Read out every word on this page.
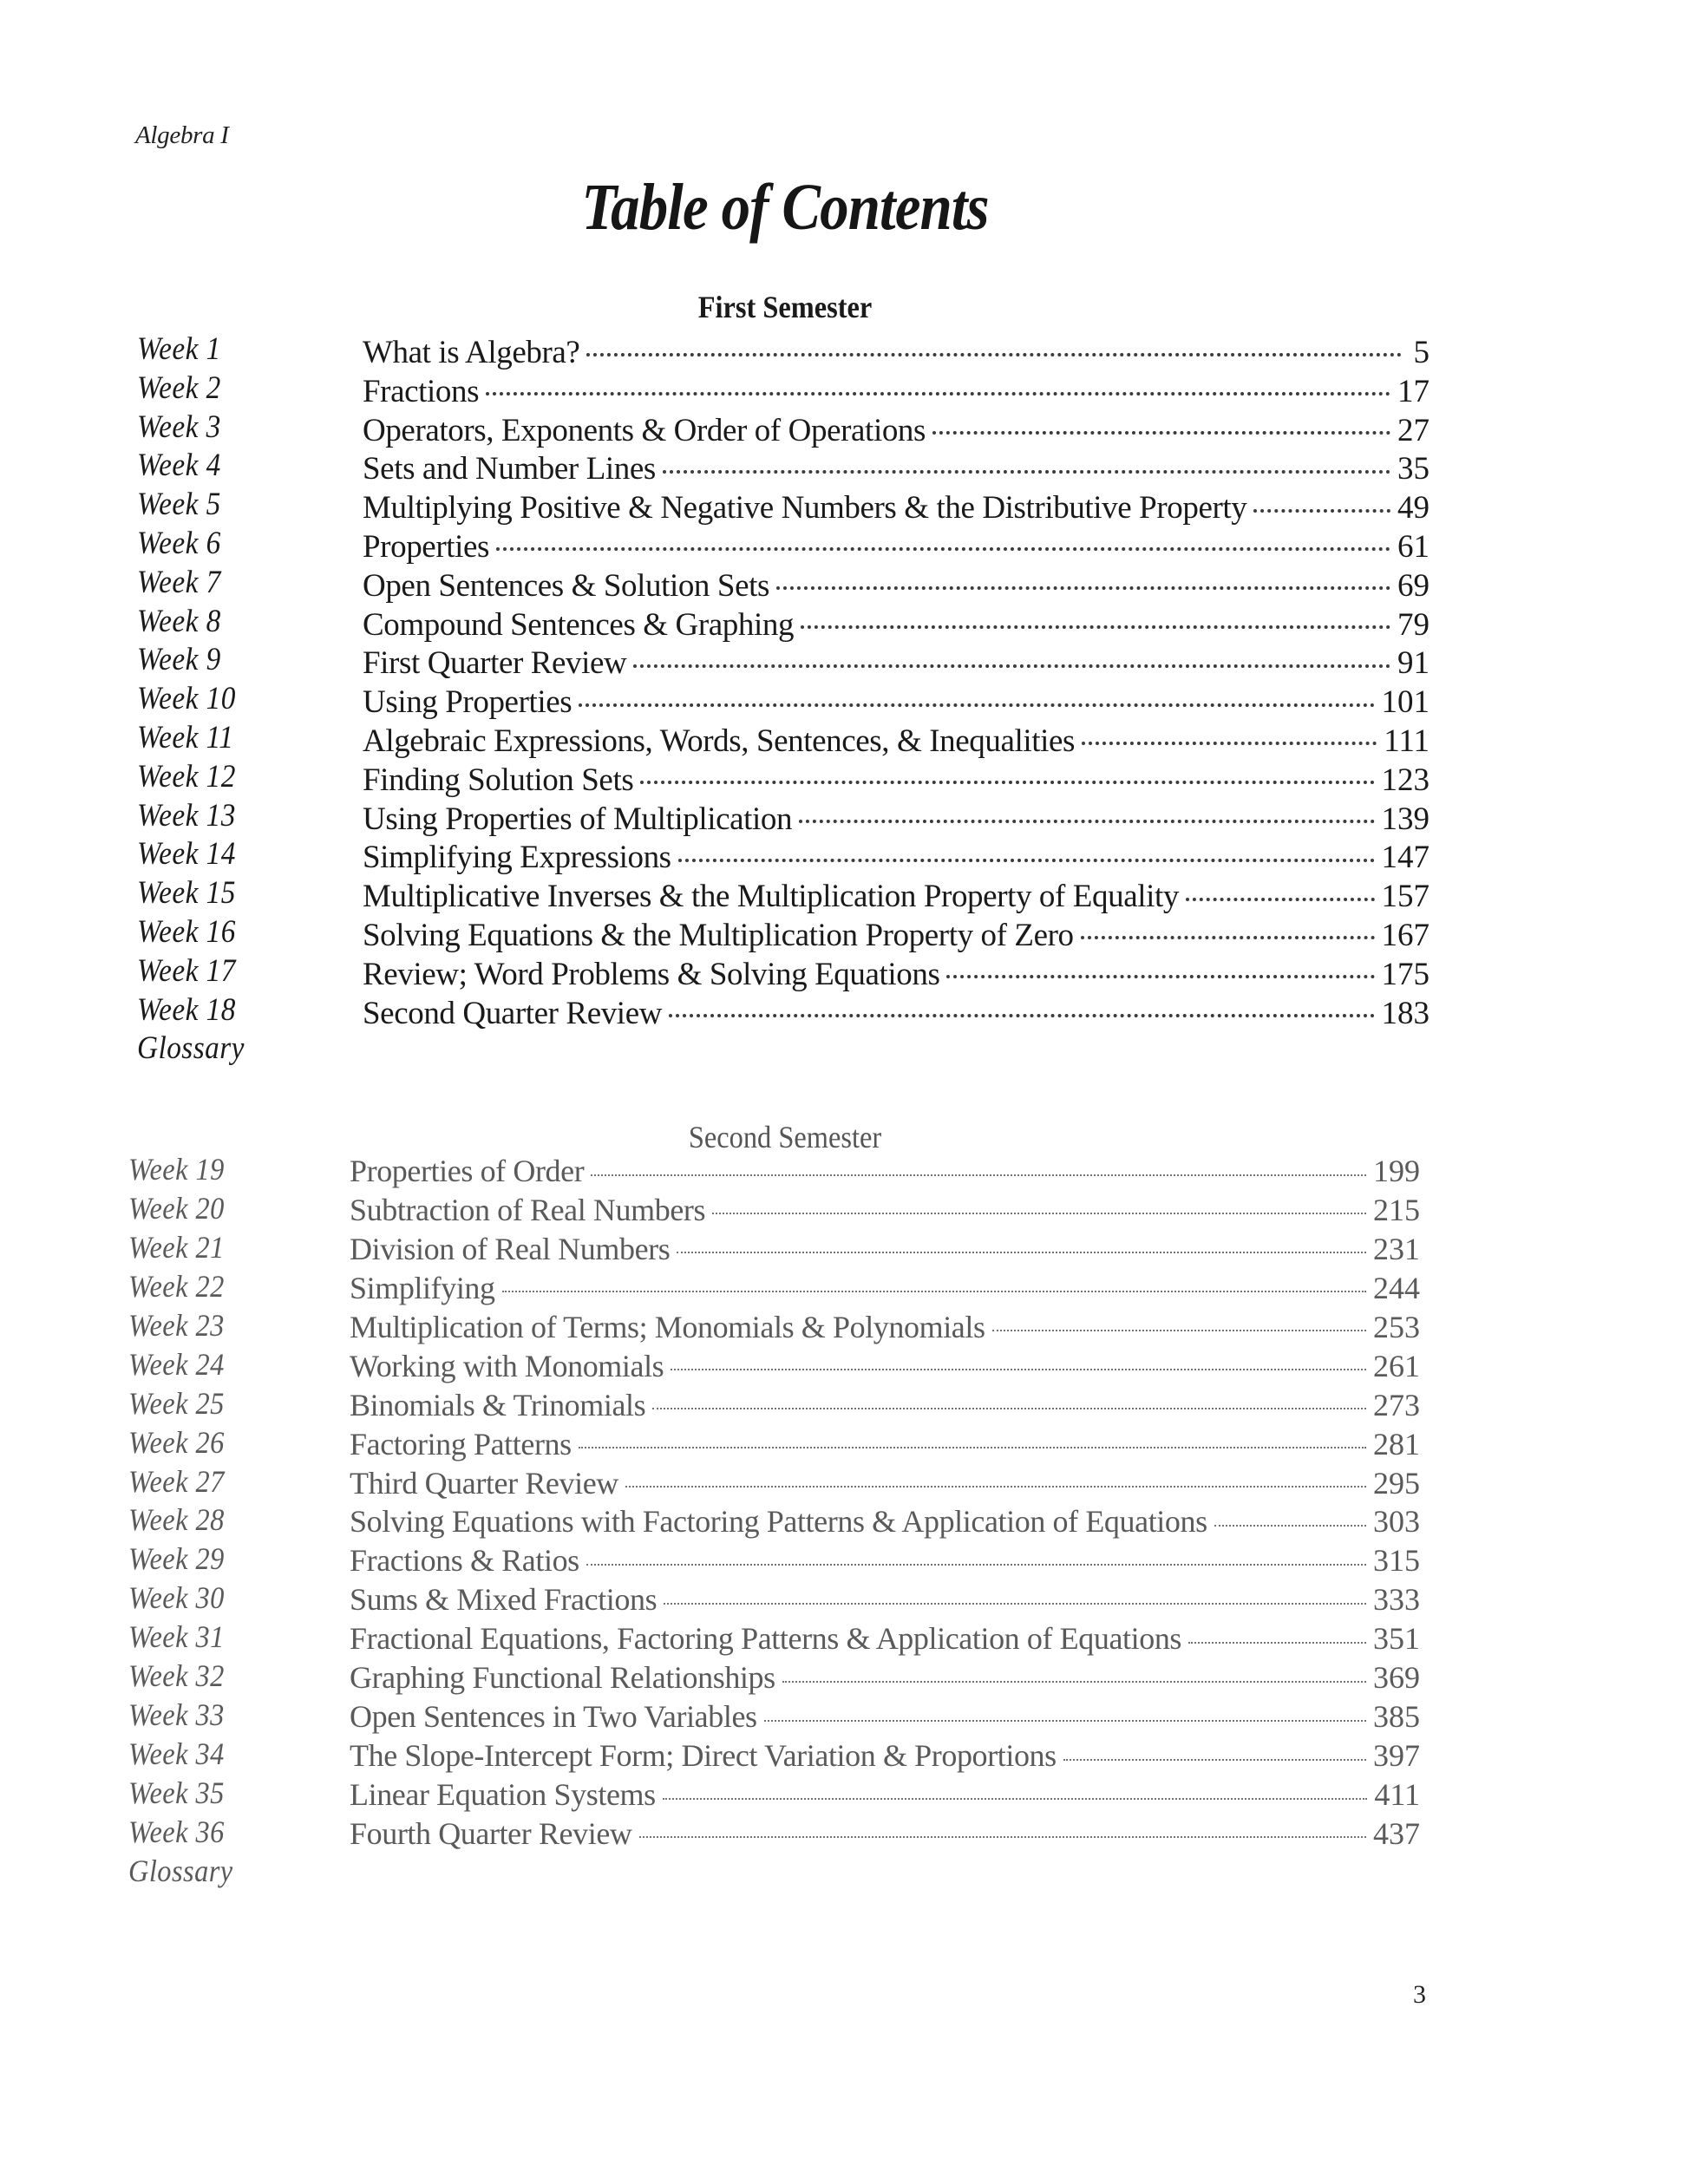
Algebra I
Table of Contents
First Semester
Week 1	What is Algebra?	5
Week 2	Fractions	17
Week 3	Operators, Exponents & Order of Operations	27
Week 4	Sets and Number Lines	35
Week 5	Multiplying Positive & Negative Numbers & the Distributive Property	49
Week 6	Properties	61
Week 7	Open Sentences & Solution Sets	69
Week 8	Compound Sentences & Graphing	79
Week 9	First Quarter Review	91
Week 10	Using Properties	101
Week 11	Algebraic Expressions, Words, Sentences, & Inequalities	111
Week 12	Finding Solution Sets	123
Week 13	Using Properties of Multiplication	139
Week 14	Simplifying Expressions	147
Week 15	Multiplicative Inverses & the Multiplication Property of Equality	157
Week 16	Solving Equations & the Multiplication Property of Zero	167
Week 17	Review; Word Problems & Solving Equations	175
Week 18	Second Quarter Review	183
Glossary
Second Semester
Week 19	Properties of Order	199
Week 20	Subtraction of Real Numbers	215
Week 21	Division of Real Numbers	231
Week 22	Simplifying	244
Week 23	Multiplication of Terms; Monomials & Polynomials	253
Week 24	Working with Monomials	261
Week 25	Binomials & Trinomials	273
Week 26	Factoring Patterns	281
Week 27	Third Quarter Review	295
Week 28	Solving Equations with Factoring Patterns & Application of Equations	303
Week 29	Fractions & Ratios	315
Week 30	Sums & Mixed Fractions	333
Week 31	Fractional Equations, Factoring Patterns & Application of Equations	351
Week 32	Graphing Functional Relationships	369
Week 33	Open Sentences in Two Variables	385
Week 34	The Slope-Intercept Form; Direct Variation & Proportions	397
Week 35	Linear Equation Systems	411
Week 36	Fourth Quarter Review	437
Glossary
3
